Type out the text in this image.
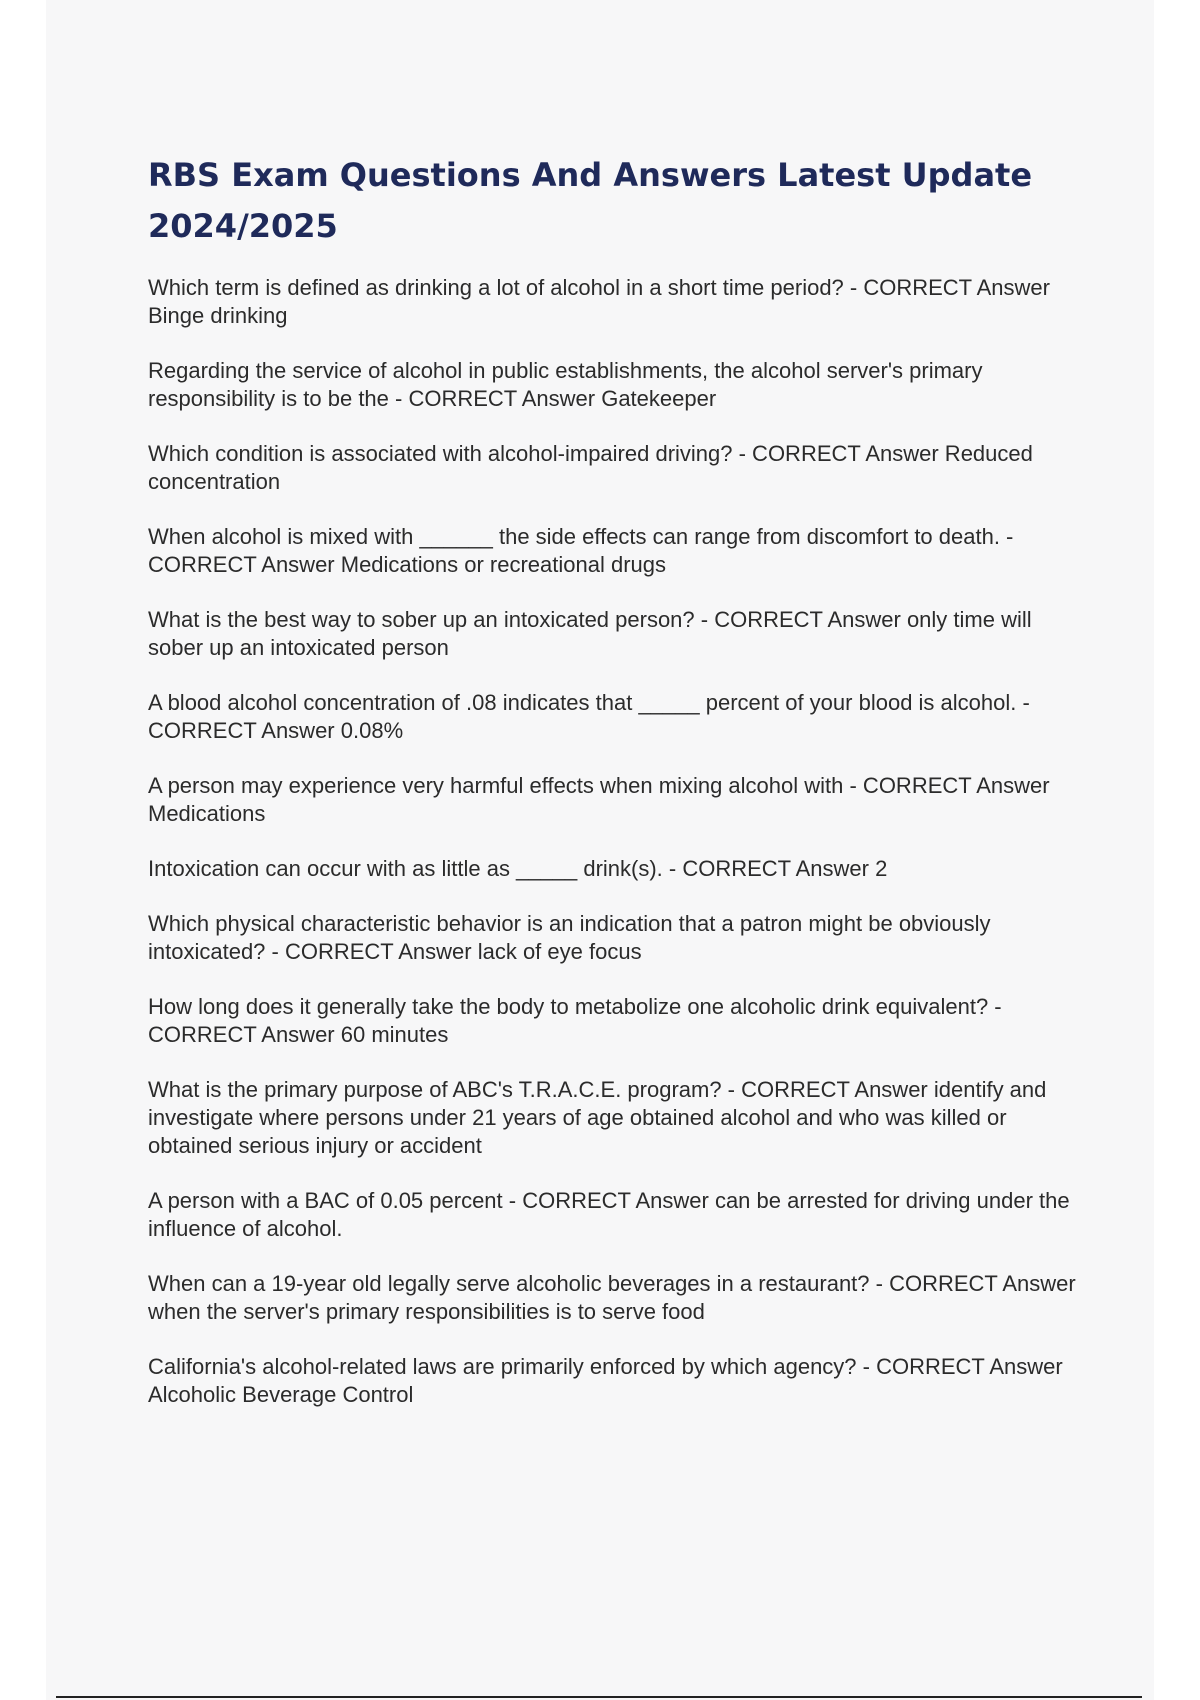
RBS Exam Questions And Answers Latest Update 2024/2025

Which term is defined as drinking a lot of alcohol in a short time period? - CORRECT Answer Binge drinking

Regarding the service of alcohol in public establishments, the alcohol server's primary responsibility is to be the - CORRECT Answer Gatekeeper

Which condition is associated with alcohol-impaired driving? - CORRECT Answer Reduced concentration

When alcohol is mixed with ______ the side effects can range from discomfort to death. - CORRECT Answer Medications or recreational drugs

What is the best way to sober up an intoxicated person? - CORRECT Answer only time will sober up an intoxicated person

A blood alcohol concentration of .08 indicates that _____ percent of your blood is alcohol. - CORRECT Answer 0.08%

A person may experience very harmful effects when mixing alcohol with - CORRECT Answer Medications

Intoxication can occur with as little as _____ drink(s). - CORRECT Answer 2

Which physical characteristic behavior is an indication that a patron might be obviously intoxicated? - CORRECT Answer lack of eye focus

How long does it generally take the body to metabolize one alcoholic drink equivalent? - CORRECT Answer 60 minutes

What is the primary purpose of ABC's T.R.A.C.E. program? - CORRECT Answer identify and investigate where persons under 21 years of age obtained alcohol and who was killed or obtained serious injury or accident

A person with a BAC of 0.05 percent - CORRECT Answer can be arrested for driving under the influence of alcohol.

When can a 19-year old legally serve alcoholic beverages in a restaurant? - CORRECT Answer when the server's primary responsibilities is to serve food

California's alcohol-related laws are primarily enforced by which agency? - CORRECT Answer Alcoholic Beverage Control
